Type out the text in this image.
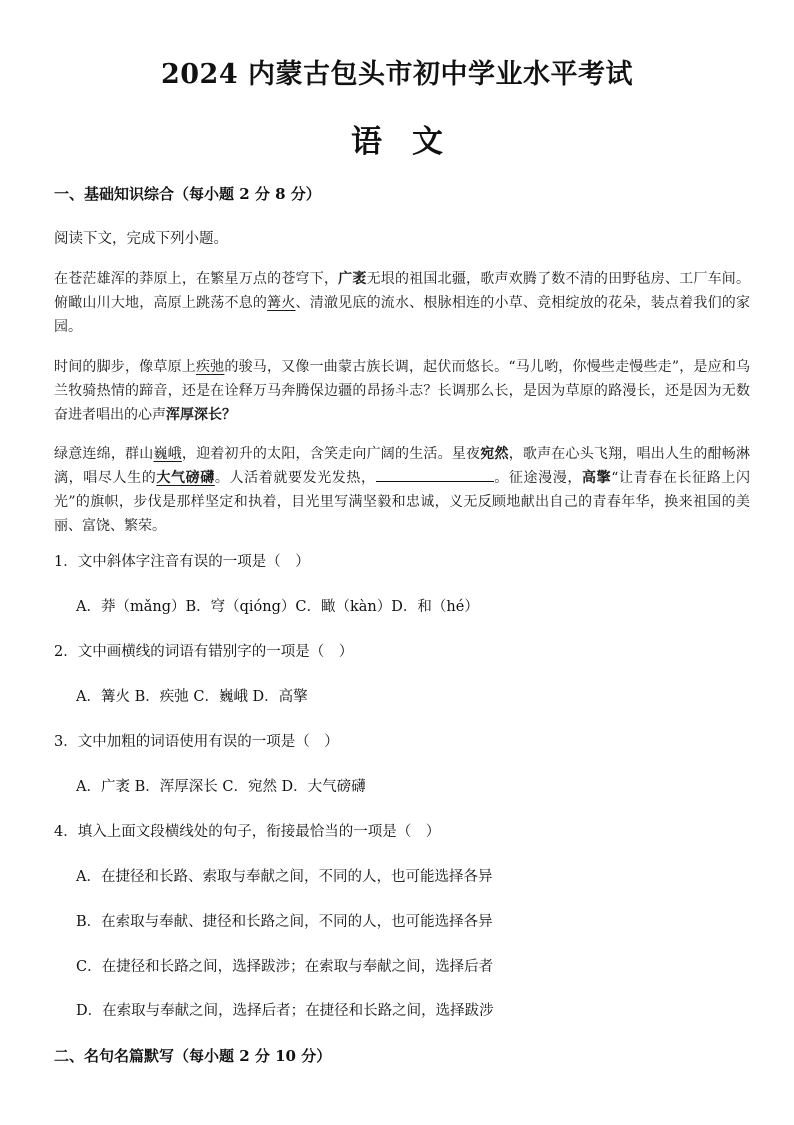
2024 内蒙古包头市初中学业水平考试
语文
一、基础知识综合（每小题 2 分 8 分）
阅读下文，完成下列小题。
在苍茫雄浑的莽原上，在繁星万点的苍穹下，广袤无垠的祖国北疆，歌声欢腾了数不清的田野毡房、工厂车间。俯瞰山川大地，高原上跳荡不息的篝火、清澈见底的流水、根脉相连的小草、竞相绽放的花朵，装点着我们的家园。
时间的脚步，像草原上疾弛的骏马，又像一曲蒙古族长调，起伏而悠长。“马儿哟，你慢些走慢些走”，是应和乌兰牧骑热情的蹄音，还是在诠释万马奔腾保边疆的昂扬斗志？长调那么长，是因为草原的路漫长，还是因为无数奋进者唱出的心声浑厚深长？
绿意连绵，群山巍峨，迎着初升的太阳，含笑走向广阔的生活。星夜宛然，歌声在心头飞翔，唱出人生的酣畅淋漓，唱尽人生的大气磅礴。人活着就要发光发热，	。征途漫漫，高擎“让青春在长征路上闪光”的旗帜，步伐是那样坚定和执着，目光里写满坚毅和忠诚，义无反顾地献出自己的青春年华，换来祖国的美丽、富饶、繁荣。
1．文中斜体字注音有误的一项是（　）
A．莽（mǎng）B．穹（qióng）C．瞰（kàn）D．和（hé）
2．文中画横线的词语有错别字的一项是（　）
A．篝火 B．疾弛 C．巍峨 D．高擎
3．文中加粗的词语使用有误的一项是（　）
A．广袤 B．浑厚深长 C．宛然 D．大气磅礴
4．填入上面文段横线处的句子，衔接最恰当的一项是（　）
A．在捷径和长路、索取与奉献之间，不同的人，也可能选择各异
B．在索取与奉献、捷径和长路之间，不同的人，也可能选择各异
C．在捷径和长路之间，选择跋涉；在索取与奉献之间，选择后者
D．在索取与奉献之间，选择后者；在捷径和长路之间，选择跋涉
二、名句名篇默写（每小题 2 分 10 分）
